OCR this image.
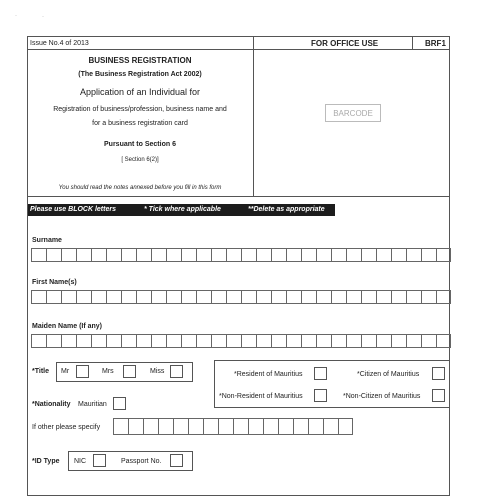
·	·
Issue No.4 of 2013	FOR OFFICE USE	BRF1
BUSINESS REGISTRATION
(The Business Registration Act 2002)
Application of an Individual for
Registration of business/profession, business name and
for a business registration card
Pursuant to Section 6
[ Section 6(2)]
You should read the notes annexed before you fill in this form
BARCODE
Please use BLOCK letters	* Tick where applicable	**Delete as appropriate
Surname
First Name(s)
Maiden Name (If any)
*Title Mr	Mrs	Miss	*Resident of Mauritius	*Citizen of Mauritius
*Non-Resident of Mauritius	*Non-Citizen of Mauritius
*Nationality Mauritian
If other please specify
*ID Type NIC	Passport No.
